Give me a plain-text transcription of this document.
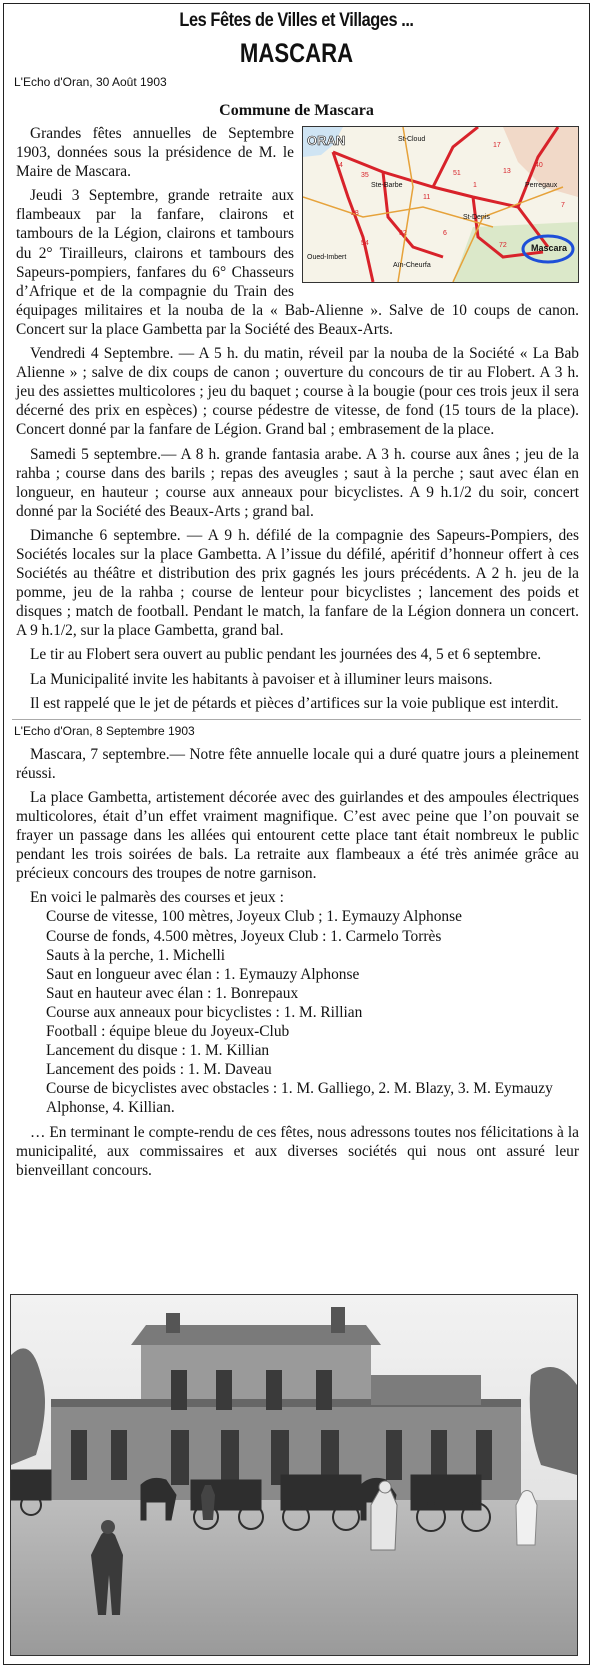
Les Fêtes de Villes et Villages ...
MASCARA
L'Echo d'Oran, 30 Août 1903
Commune de Mascara
ORAN
Mascara
St-Cloud
Ste-Barbe
St-Denis
Perregaux
Oued-Imbert
Aïn-Cheurfa
4
35
28
51
40
13
17
11
32
72
54
6
7
1

Grandes fêtes annuelles de Septembre 1903, données sous la présidence de M. le Maire de Mascara.

Jeudi 3 Septembre, grande retraite aux flambeaux par la fanfare, clairons et tambours de la Légion, clairons et tambours du 2° Tirailleurs, clairons et tambours des Sapeurs-pompiers, fanfares du 6° Chasseurs d’Afrique et de la compagnie du Train des équipages militaires et la nouba de la « Bab-Alienne ». Salve de 10 coups de canon. Concert sur la place Gambetta par la Société des Beaux-Arts.

Vendredi 4 Septembre. — A 5 h. du matin, réveil par la nouba de la Société « La Bab Alienne » ; salve de dix coups de canon ; ouverture du concours de tir au Flobert. A 3 h. jeu des assiettes multicolores ; jeu du baquet ; course à la bougie (pour ces trois jeux il sera décerné des prix en espèces) ; course pédestre de vitesse, de fond (15 tours de la place). Concert donné par la fanfare de Légion. Grand bal ; embrasement de la place.

Samedi 5 septembre.— A 8 h. grande fantasia arabe. A 3 h. course aux ânes ; jeu de la rahba ; course dans des barils ; repas des aveugles ; saut à la perche ; saut avec élan en longueur, en hauteur ; course aux anneaux pour bicyclistes. A 9 h.1/2 du soir, concert donné par la Société des Beaux-Arts ; grand bal.

Dimanche 6 septembre. — A 9 h. défilé de la compagnie des Sapeurs-Pompiers, des Sociétés locales sur la place Gambetta. A l’issue du défilé, apéritif d’honneur offert à ces Sociétés au théâtre et distribution des prix gagnés les jours précédents. A 2 h. jeu de la pomme, jeu de la rahba ; course de lenteur pour bicyclistes ; lancement des poids et disques ; match de football. Pendant le match, la fanfare de la Légion donnera un concert. A 9 h.1/2, sur la place Gambetta, grand bal.

Le tir au Flobert sera ouvert au public pendant les journées des 4, 5 et 6 septembre.

La Municipalité invite les habitants à pavoiser et à illuminer leurs maisons.

Il est rappelé que le jet de pétards et pièces d’artifices sur la voie publique est interdit.

L'Echo d'Oran, 8 Septembre 1903

Mascara, 7 septembre.— Notre fête annuelle locale qui a duré quatre jours a pleinement réussi.

La place Gambetta, artistement décorée avec des guirlandes et des ampoules électriques multicolores, était d’un effet vraiment magnifique. C’est avec peine que l’on pouvait se frayer un passage dans les allées qui entourent cette place tant était nombreux le public pendant les trois soirées de bals. La retraite aux flambeaux a été très animée grâce au précieux concours des troupes de notre garnison.

En voici le palmarès des courses et jeux :
Course de vitesse, 100 mètres, Joyeux Club ; 1. Eymauzy Alphonse
Course de fonds, 4.500 mètres, Joyeux Club : 1. Carmelo Torrès
Sauts à la perche, 1. Michelli
Saut en longueur avec élan : 1. Eymauzy Alphonse
Saut en hauteur avec élan : 1. Bonrepaux
Course aux anneaux pour bicyclistes : 1. M. Rillian
Football : équipe bleue du Joyeux-Club
Lancement du disque : 1. M. Killian
Lancement des poids : 1. M. Daveau
Course de bicyclistes avec obstacles : 1. M. Galliego, 2. M. Blazy, 3. M. Eymauzy Alphonse, 4. Killian.

… En terminant le compte-rendu de ces fêtes, nous adressons toutes nos félicitations à la municipalité, aux commissaires et aux diverses sociétés qui nous ont assuré leur bienveillant concours.
